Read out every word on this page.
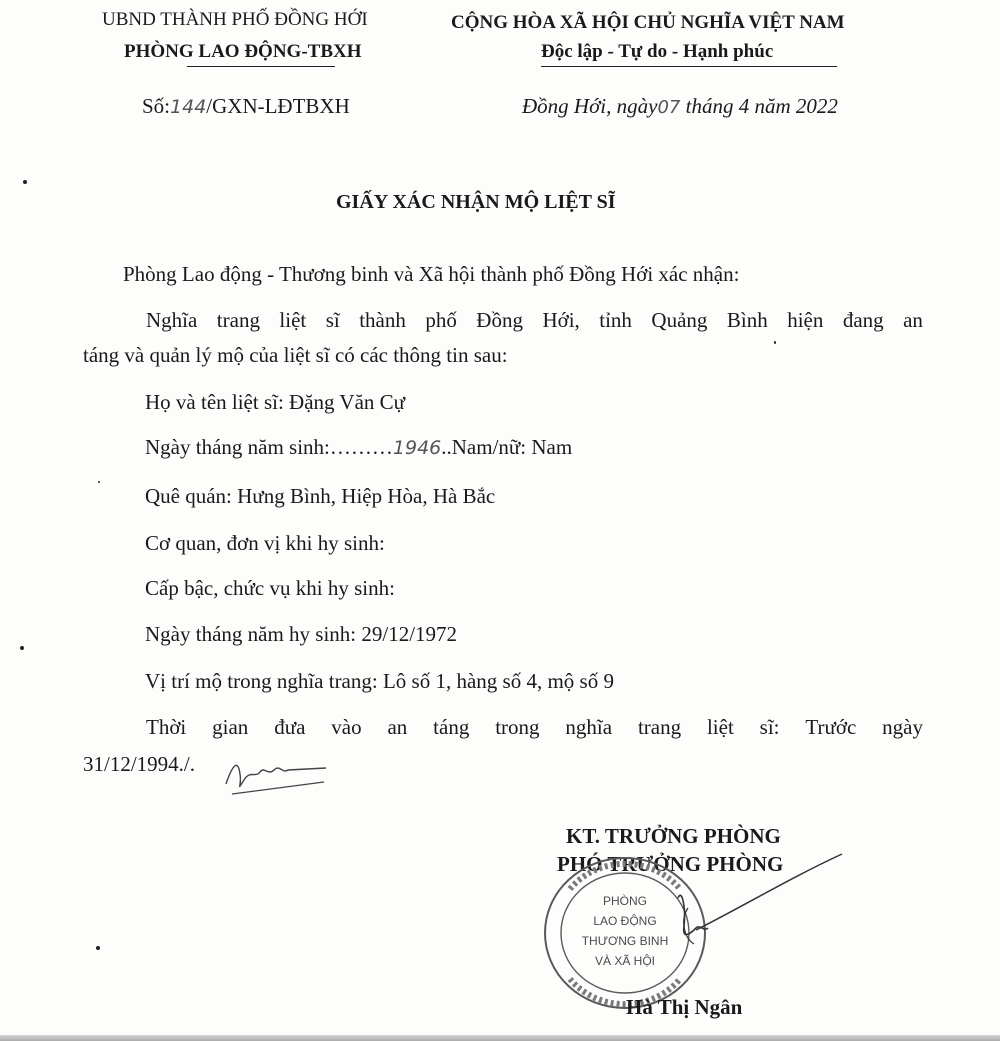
UBND THÀNH PHỐ ĐỒNG HỚI
PHÒNG LAO ĐỘNG-TBXH
Số:144/GXN-LĐTBXH
CỘNG HÒA XÃ HỘI CHỦ NGHĨA VIỆT NAM
Độc lập - Tự do - Hạnh phúc
Đồng Hới, ngày07 tháng 4 năm 2022
GIẤY XÁC NHẬN MỘ LIỆT SĨ
Phòng Lao động - Thương binh và Xã hội thành phố Đồng Hới xác nhận:
Nghĩa trang liệt sĩ thành phố Đồng Hới, tỉnh Quảng Bình hiện đang an
táng và quản lý mộ của liệt sĩ có các thông tin sau:
Họ và tên liệt sĩ: Đặng Văn Cự
Ngày tháng năm sinh:………1946..Nam/nữ: Nam
Quê quán: Hưng Bình, Hiệp Hòa, Hà Bắc
Cơ quan, đơn vị khi hy sinh:
Cấp bậc, chức vụ khi hy sinh:
Ngày tháng năm hy sinh: 29/12/1972
Vị trí mộ trong nghĩa trang: Lô số 1, hàng số 4, mộ số 9
Thời gian đưa vào an táng trong nghĩa trang liệt sĩ: Trước ngày
31/12/1994./.
KT. TRƯỞNG PHÒNG
PHÓ TRƯỞNG PHÒNG
PHÒNG
LAO ĐỘNG
THƯƠNG BINH
VÀ XÃ HỘI
Hà Thị Ngân
